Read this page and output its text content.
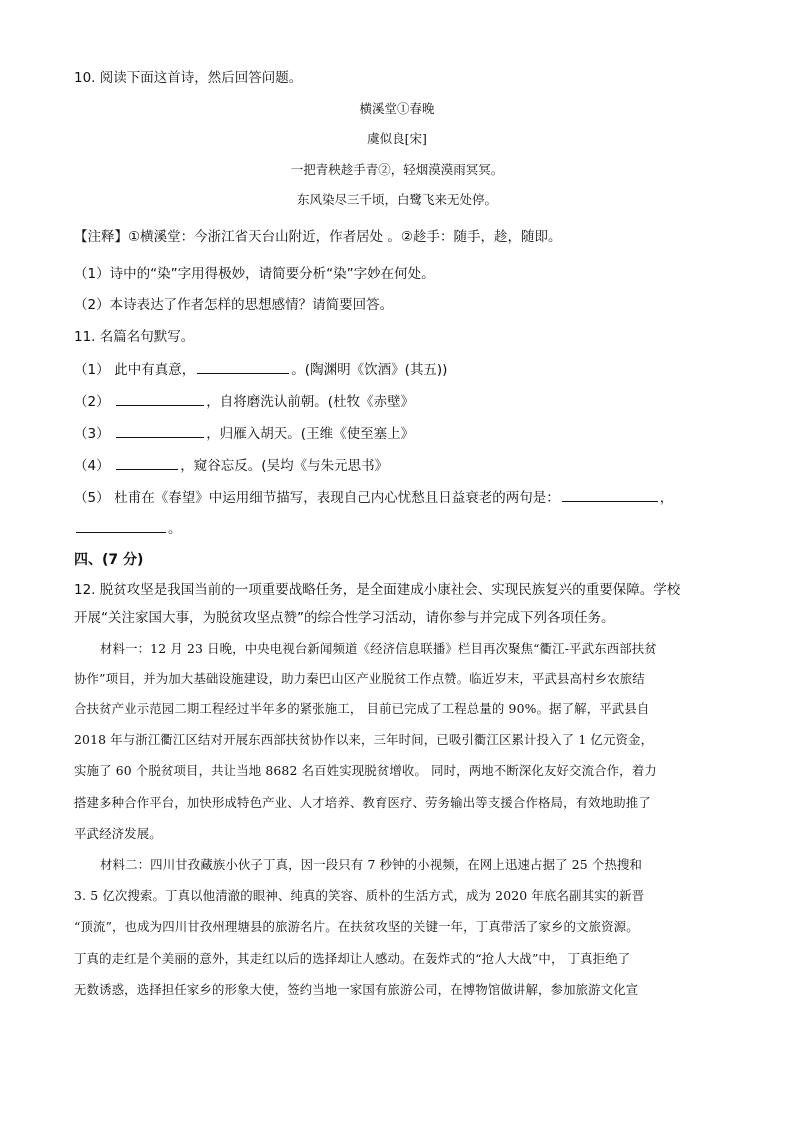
10. 阅读下面这首诗，然后回答问题。
横溪堂①春晚
虞似良[宋]
一把青秧趁手青②，轻烟漠漠雨冥冥。
东风染尽三千顷，白鹭飞来无处停。
【注释】①横溪堂：今浙江省天台山附近，作者居处 。②趁手：随手，趁，随即。
（1）诗中的“染”字用得极妙，请简要分析“染”字妙在何处。
（2）本诗表达了作者怎样的思想感情？请简要回答。
11. 名篇名句默写。
（1） 此中有真意，	。(陶渊明《饮酒》(其五))
（2）	，自将磨洗认前朝。(杜牧《赤壁》
（3）	，归雁入胡天。(王维《使至塞上》
（4）	，窥谷忘反。(吴均《与朱元思书》
（5） 杜甫在《春望》中运用细节描写，表现自己内心忧愁且日益衰老的两句是：	，
。
四、(7 分)
12. 脱贫攻坚是我国当前的一项重要战略任务，是全面建成小康社会、实现民族复兴的重要保障。学校
开展“关注家国大事，为脱贫攻坚点赞”的综合性学习活动，请你参与并完成下列各项任务。
材料一：12 月 23 日晚，中央电视台新闻频道《经济信息联播》栏目再次聚焦“衢江-平武东西部扶贫
协作”项目，并为加大基础设施建设，助力秦巴山区产业脱贫工作点赞。临近岁末，平武县高村乡农旅结
合扶贫产业示范园二期工程经过半年多的紧张施工， 目前已完成了工程总量的 90%。据了解，平武县自
2018 年与浙江衢江区结对开展东西部扶贫协作以来，三年时间，已吸引衢江区累计投入了 1 亿元资金，
实施了 60 个脱贫项目，共让当地 8682 名百姓实现脱贫增收。 同时，两地不断深化友好交流合作，着力
搭建多种合作平台，加快形成特色产业、人才培养、教育医疗、劳务输出等支援合作格局，有效地助推了
平武经济发展。
材料二：四川甘孜藏族小伙子丁真，因一段只有 7 秒钟的小视频，在网上迅速占据了 25 个热搜和
3. 5 亿次搜索。丁真以他清澈的眼神、纯真的笑容、质朴的生活方式，成为 2020 年底名副其实的新晋
“顶流”，也成为四川甘孜州理塘县的旅游名片。在扶贫攻坚的关键一年，丁真带活了家乡的文旅资源。
丁真的走红是个美丽的意外，其走红以后的选择却让人感动。在轰炸式的“抢人大战”中， 丁真拒绝了
无数诱惑，选择担任家乡的形象大使，签约当地一家国有旅游公司，在博物馆做讲解，参加旅游文化宣
